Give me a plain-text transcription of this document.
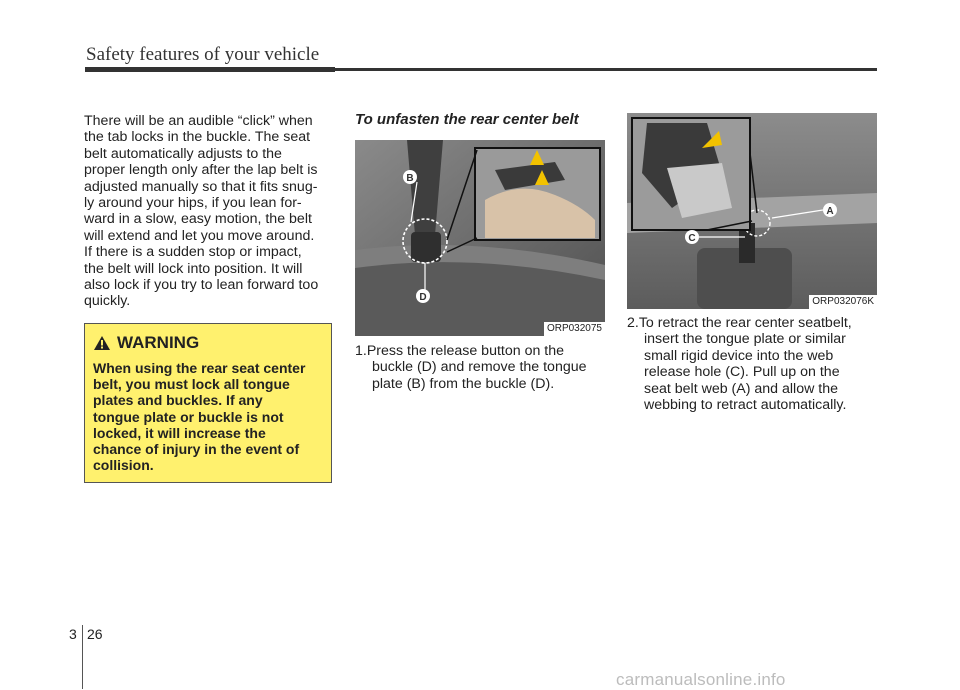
Safety features of your vehicle
There will be an audible “click” when
the tab locks in the buckle. The seat
belt automatically adjusts to the
proper length only after the lap belt is
adjusted manually so that it fits snug-
ly around your hips, if you lean for-
ward in a slow, easy motion, the belt
will extend and let you move around.
If there is a sudden stop or impact,
the belt will lock into position. It will
also lock if you try to lean forward too
quickly.
WARNING
When using the rear seat center
belt, you must lock all tongue
plates and buckles. If any
tongue plate or buckle is not
locked, it will increase the
chance of injury in the event of
collision.
To unfasten the rear center belt
B
D
ORP032075
1.Press the release button on the
buckle (D) and remove the tongue
plate (B) from the buckle (D).
A
C
ORP032076K
2.To retract the rear center seatbelt,
insert the tongue plate or similar
small rigid device into the web
release hole (C). Pull up on the
seat belt web (A) and allow the
webbing to retract automatically.
3 26
carmanualsonline.info
